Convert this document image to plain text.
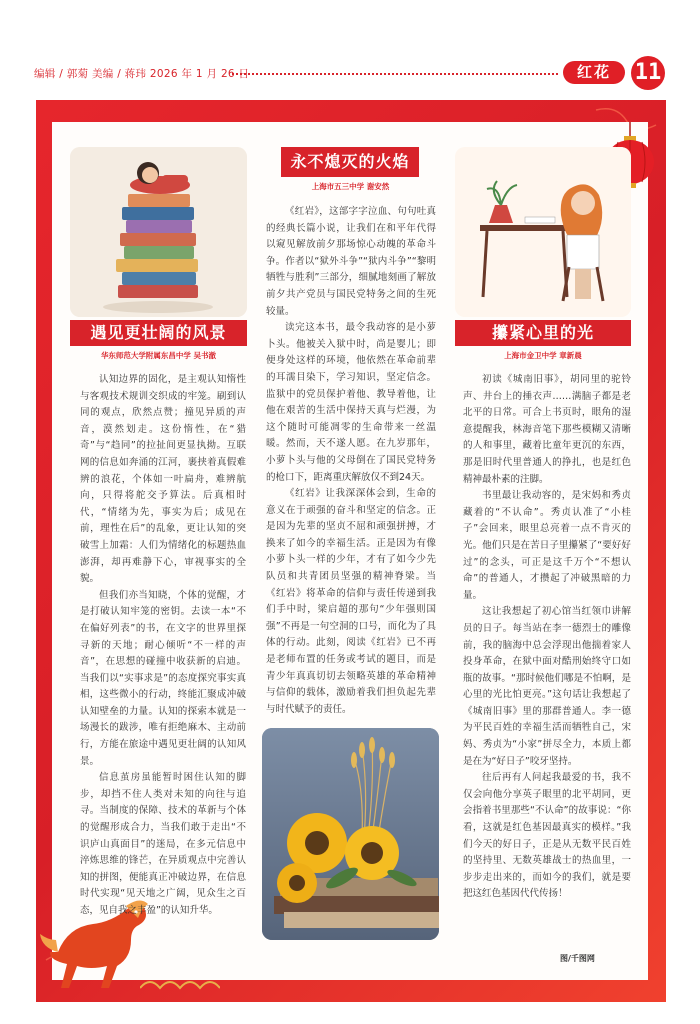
编辑 / 郭菊 美编 / 蒋玮 2026 年 1 月 26 日	红花	11
遇见更壮阔的风景
华东师范大学附属东昌中学 吴书澈

认知边界的固化，是主观认知惰性与客观技术规训交织成的牢笼。刷到认同的观点，欣然点赞；撞见异质的声音，漠然划走。这份惰性，在“猎奇”与“趋同”的拉扯间更显执拗。互联网的信息如奔涌的江河，裹挟着真假难辨的浪花，个体如一叶扁舟，难辨航向，只得将舵交予算法。后真相时代，“情绪为先，事实为后；成见在前，理性在后”的乱象，更让认知的突破雪上加霜：人们为情绪化的标题热血澎湃，却再难静下心，审视事实的全貌。

但我们亦当知晓，个体的觉醒，才是打破认知牢笼的密钥。去读一本“不在偏好列表”的书，在文字的世界里探寻新的天地；耐心倾听“不一样的声音”，在思想的碰撞中收获新的启迪。当我们以“实事求是”的态度探究事实真相，这些微小的行动，终能汇聚成冲破认知壁垒的力量。认知的探索本就是一场漫长的跋涉，唯有拒绝麻木、主动前行，方能在旅途中遇见更壮阔的认知风景。

信息茧房虽能暂时困住认知的脚步，却挡不住人类对未知的向往与追寻。当制度的保障、技术的革新与个体的觉醒形成合力，当我们敢于走出“不识庐山真面目”的迷局，在多元信息中淬炼思维的锋芒，在异质观点中完善认知的拼图，便能真正冲破边界，在信息时代实现“见天地之广阔，见众生之百态，见自我之丰盈”的认知升华。

永不熄灭的火焰
上海市五三中学 谢安然

《红岩》，这部字字泣血、句句吐真的经典长篇小说，让我们在和平年代得以窥见解放前夕那场惊心动魄的革命斗争。作者以“狱外斗争”“狱内斗争”“黎明牺牲与胜利”三部分，细腻地刻画了解放前夕共产党员与国民党特务之间的生死较量。

读完这本书，最令我动容的是小萝卜头。他被关入狱中时，尚是婴儿；即便身处这样的环境，他依然在革命前辈的耳濡目染下，学习知识，坚定信念。监狱中的党员保护着他、教导着他，让他在艰苦的生活中保持天真与烂漫，为这个随时可能凋零的生命带来一丝温暖。然而，天不遂人愿。在九岁那年，小萝卜头与他的父母倒在了国民党特务的枪口下，距离重庆解放仅不到24天。

《红岩》让我深深体会到，生命的意义在于顽强的奋斗和坚定的信念。正是因为先辈的坚贞不屈和顽强拼搏，才换来了如今的幸福生活。正是因为有像小萝卜头一样的少年，才有了如今少先队员和共青团员坚强的精神脊梁。当《红岩》将革命的信仰与责任传递到我们手中时，梁启超的那句“少年强则国强”不再是一句空洞的口号，而化为了具体的行动。此刻，阅读《红岩》已不再是老师布置的任务或考试的题目，而是青少年真真切切去领略英雄的革命精神与信仰的载体，激励着我们担负起先辈与时代赋予的责任。

攥紧心里的光
上海市金卫中学 章新晨

初读《城南旧事》，胡同里的驼铃声、井台上的捶衣声……满脑子都是老北平的日常。可合上书页时，眼角的湿意提醒我，林海音笔下那些模糊又清晰的人和事里，藏着比童年更沉的东西，那是旧时代里普通人的挣扎，也是红色精神最朴素的注脚。

书里最让我动容的，是宋妈和秀贞藏着的“不认命”。秀贞认准了“小桂子”会回来，眼里总亮着一点不肯灭的光。他们只是在苦日子里攥紧了“要好好过”的念头，可正是这千万个“不想认命”的普通人，才攒起了冲破黑暗的力量。

这让我想起了初心馆当红领巾讲解员的日子。每当站在李一德烈士的雕像前，我的脑海中总会浮现出他揣着家人投身革命，在狱中面对酷刑始终守口如瓶的故事。“那时候他们哪是不怕啊，是心里的光比怕更亮。”这句话让我想起了《城南旧事》里的那群普通人。李一德为平民百姓的幸福生活而牺牲自己，宋妈、秀贞为“小家”拼尽全力，本质上都是在为“好日子”咬牙坚持。

往后再有人问起我最爱的书，我不仅会向他分享英子眼里的北平胡同，更会指着书里那些“不认命”的故事说：“你看，这就是红色基因最真实的模样。”我们今天的好日子，正是从无数平民百姓的坚持里、无数英雄战士的热血里，一步步走出来的，而如今的我们，就是要把这红色基因代代传扬！

图/千图网
